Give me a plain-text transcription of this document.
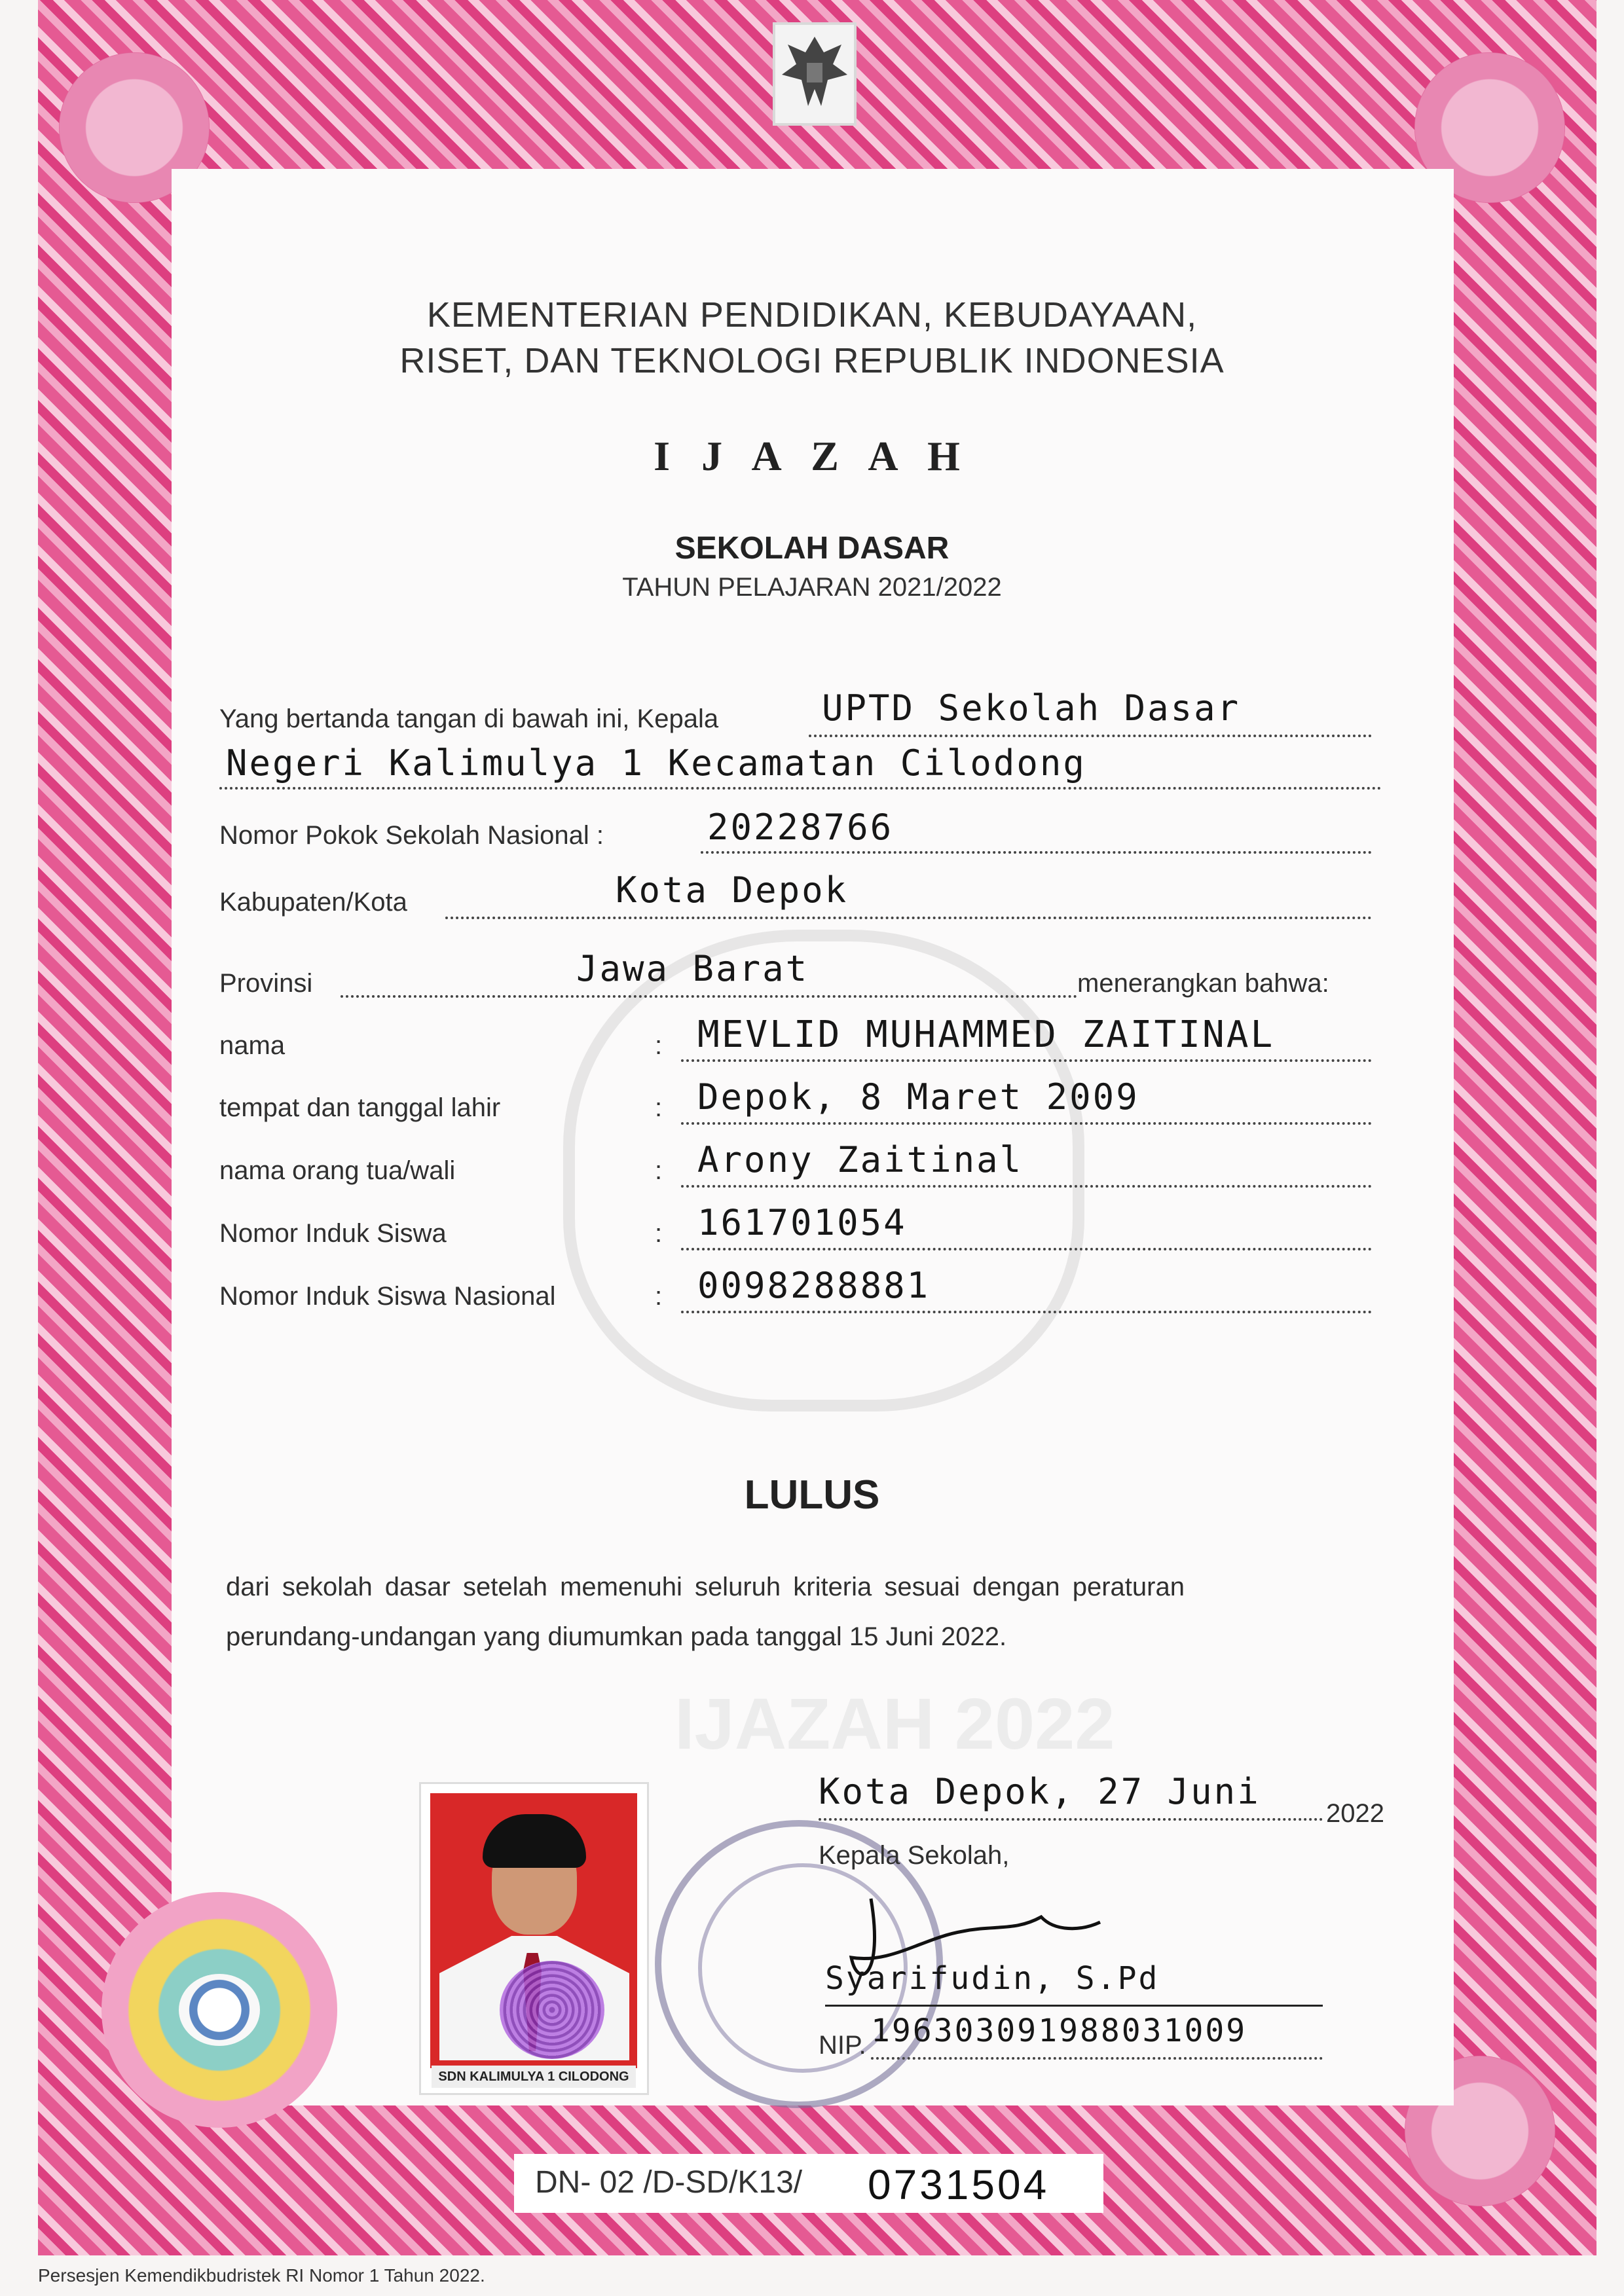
IJAZAH 2022
KEMENTERIAN PENDIDIKAN, KEBUDAYAAN,
RISET, DAN TEKNOLOGI REPUBLIK INDONESIA
I J A Z A H
SEKOLAH DASAR
TAHUN PELAJARAN 2021/2022
Yang bertanda tangan di bawah ini, Kepala	UPTD Sekolah Dasar
Negeri Kalimulya 1 Kecamatan Cilodong
Nomor Pokok Sekolah Nasional :	20228766
Kabupaten/Kota	Kota Depok
Provinsi	Jawa Barat	menerangkan bahwa:
nama	: MEVLID MUHAMMED ZAITINAL
tempat dan tanggal lahir	: Depok, 8 Maret 2009
nama orang tua/wali	: Arony Zaitinal
Nomor Induk Siswa	: 161701054
Nomor Induk Siswa Nasional	: 0098288881
LULUS
dari sekolah dasar setelah memenuhi seluruh kriteria sesuai dengan peraturan
perundang-undangan yang diumumkan pada tanggal 15 Juni 2022.
SDN KALIMULYA 1 CILODONG
Kota Depok, 27 Juni
2022
Kepala Sekolah,
Syarifudin, S.Pd
NIP. 196303091988031009
DN- 02 /D-SD/K13/ 0731504
Persesjen Kemendikbudristek RI Nomor 1 Tahun 2022.
